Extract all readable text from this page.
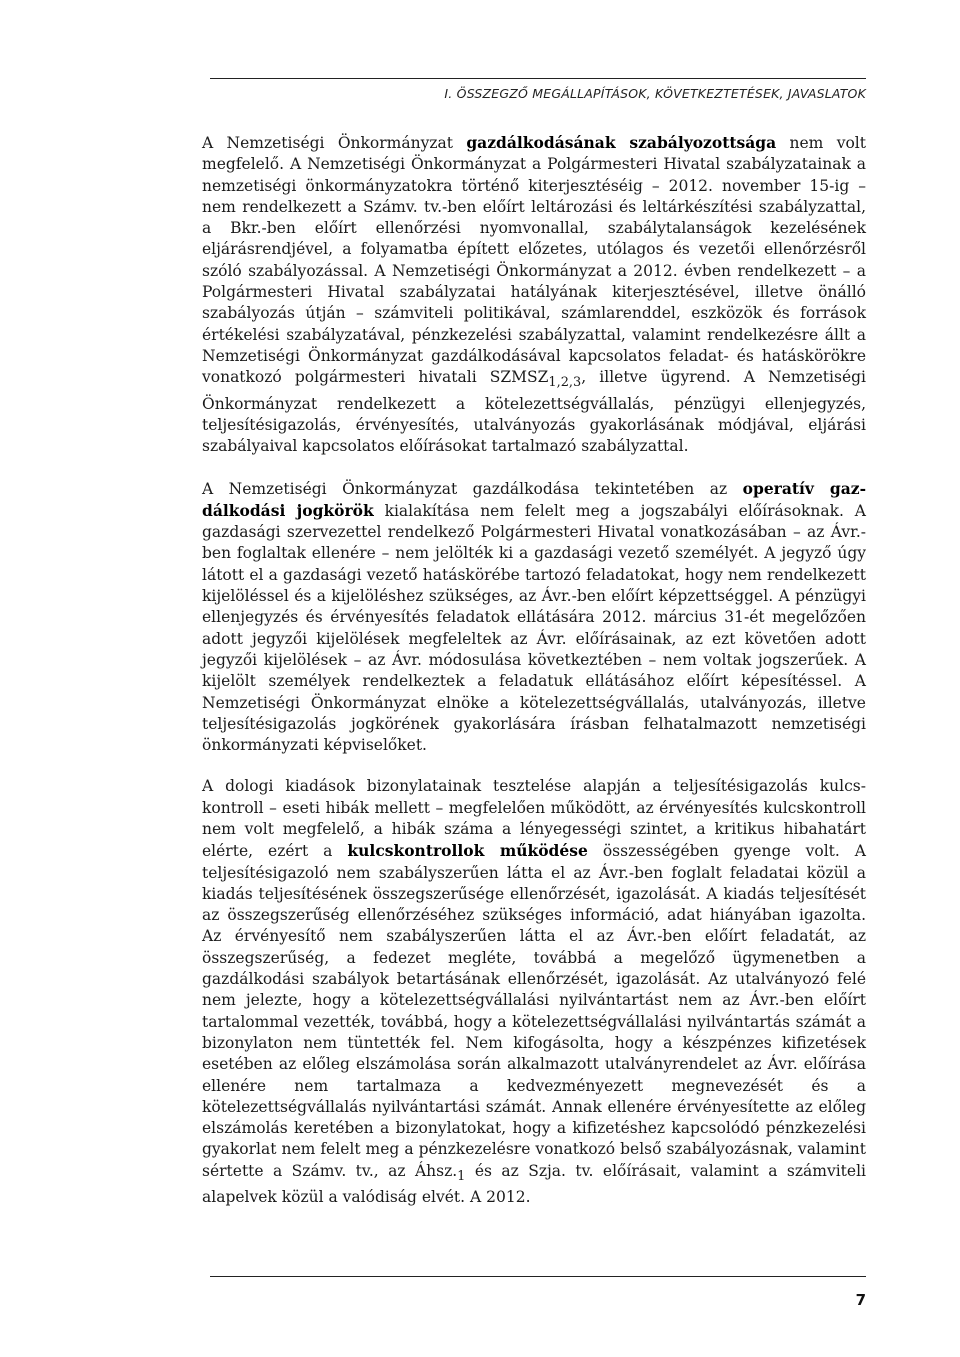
I. ÖSSZEGZŐ MEGÁLLAPÍTÁSOK, KÖVETKEZTETÉSEK, JAVASLATOK

A Nemzetiségi Önkormányzat gazdálkodásának szabályozottsága nem volt megfelelő. A Nemzetiségi Önkormányzat a Polgármesteri Hivatal szabályzatainak a nemzetiségi önkormányzatokra történő kiterjesztéséig – 2012. november 15-ig – nem rendelkezett a Számv. tv.-ben előírt leltározási és leltárkészítési szabályzattal, a Bkr.-ben előírt ellenőrzési nyomvonallal, szabálytalanságok kezelésének eljárásrendjével, a folyamatba épített előzetes, utólagos és vezetői ellenőrzésről szóló szabályozással. A Nemzetiségi Önkormányzat a 2012. évben rendelkezett – a Polgármesteri Hivatal szabályzatai hatályának kiterjesztésével, illetve önálló szabályozás útján – számviteli politikával, számlarenddel, eszközök és források értékelési szabályzatával, pénzkezelési szabályzattal, valamint rendelkezésre állt a Nemzetiségi Önkormányzat gazdálkodásával kapcsolatos feladat- és hatáskörökre vonatkozó polgármesteri hivatali $SZMSZ_{1,2,3}$, illetve ügyrend. A Nemzetiségi Önkormányzat rendelkezett a kötelezettségvállalás, pénzügyi ellenjegyzés, teljesítésigazolás, érvényesítés, utalványozás gyakorlásának módjával, eljárási szabályaival kapcsolatos előírásokat tartalmazó szabályzattal.

A Nemzetiségi Önkormányzat gazdálkodása tekintetében az operatív gazdálkodási jogkörök kialakítása nem felelt meg a jogszabályi előírásoknak. A gazdasági szervezettel rendelkező Polgármesteri Hivatal vonatkozásában – az Ávr.-ben foglaltak ellenére – nem jelölték ki a gazdasági vezető személyét. A jegyző úgy látott el a gazdasági vezető hatáskörébe tartozó feladatokat, hogy nem rendelkezett kijelöléssel és a kijelöléshez szükséges, az Ávr.-ben előírt képzettséggel. A pénzügyi ellenjegyzés és érvényesítés feladatok ellátására 2012. március 31-ét megelőzően adott jegyzői kijelölések megfeleltek az Ávr. előírásainak, az ezt követően adott jegyzői kijelölések – az Ávr. módosulása következtében – nem voltak jogszerűek. A kijelölt személyek rendelkeztek a feladatuk ellátásához előírt képesítéssel. A Nemzetiségi Önkormányzat elnöke a kötelezettségvállalás, utalványozás, illetve teljesítésigazolás jogkörének gyakorlására írásban felhatalmazott nemzetiségi önkormányzati képviselőket.

A dologi kiadások bizonylatainak tesztelése alapján a teljesítésigazolás kulcskontroll – eseti hibák mellett – megfelelően működött, az érvényesítés kulcskontroll nem volt megfelelő, a hibák száma a lényegességi szintet, a kritikus hibahatárt elérte, ezért a kulcskontrollok működése összességében gyenge volt. A teljesítésigazoló nem szabályszerűen látta el az Ávr.-ben foglalt feladatai közül a kiadás teljesítésének összegszerűsége ellenőrzését, igazolását. A kiadás teljesítését az összegszerűség ellenőrzéséhez szükséges információ, adat hiányában igazolta. Az érvényesítő nem szabályszerűen látta el az Ávr.-ben előírt feladatát, az összegszerűség, a fedezet megléte, továbbá a megelőző ügymenetben a gazdálkodási szabályok betartásának ellenőrzését, igazolását. Az utalványozó felé nem jelezte, hogy a kötelezettségvállalási nyilvántartást nem az Ávr.-ben előírt tartalommal vezették, továbbá, hogy a kötelezettségvállalási nyilvántartás számát a bizonylaton nem tüntették fel. Nem kifogásolta, hogy a készpénzes kifizetések esetében az előleg elszámolása során alkalmazott utalványrendelet az Ávr. előírása ellenére nem tartalmaza a kedvezményezett megnevezését és a kötelezettségvállalás nyilvántartási számát. Annak ellenére érvényesítette az előleg elszámolás keretében a bizonylatokat, hogy a kifizetéshez kapcsolódó pénzkezelési gyakorlat nem felelt meg a pénzkezelésre vonatkozó belső szabályozásnak, valamint sértette a Számv. tv., az $Áhsz._1$ és az Szja. tv. előírásait, valamint a számviteli alapelvek közül a valódiság elvét. A 2012.

7
